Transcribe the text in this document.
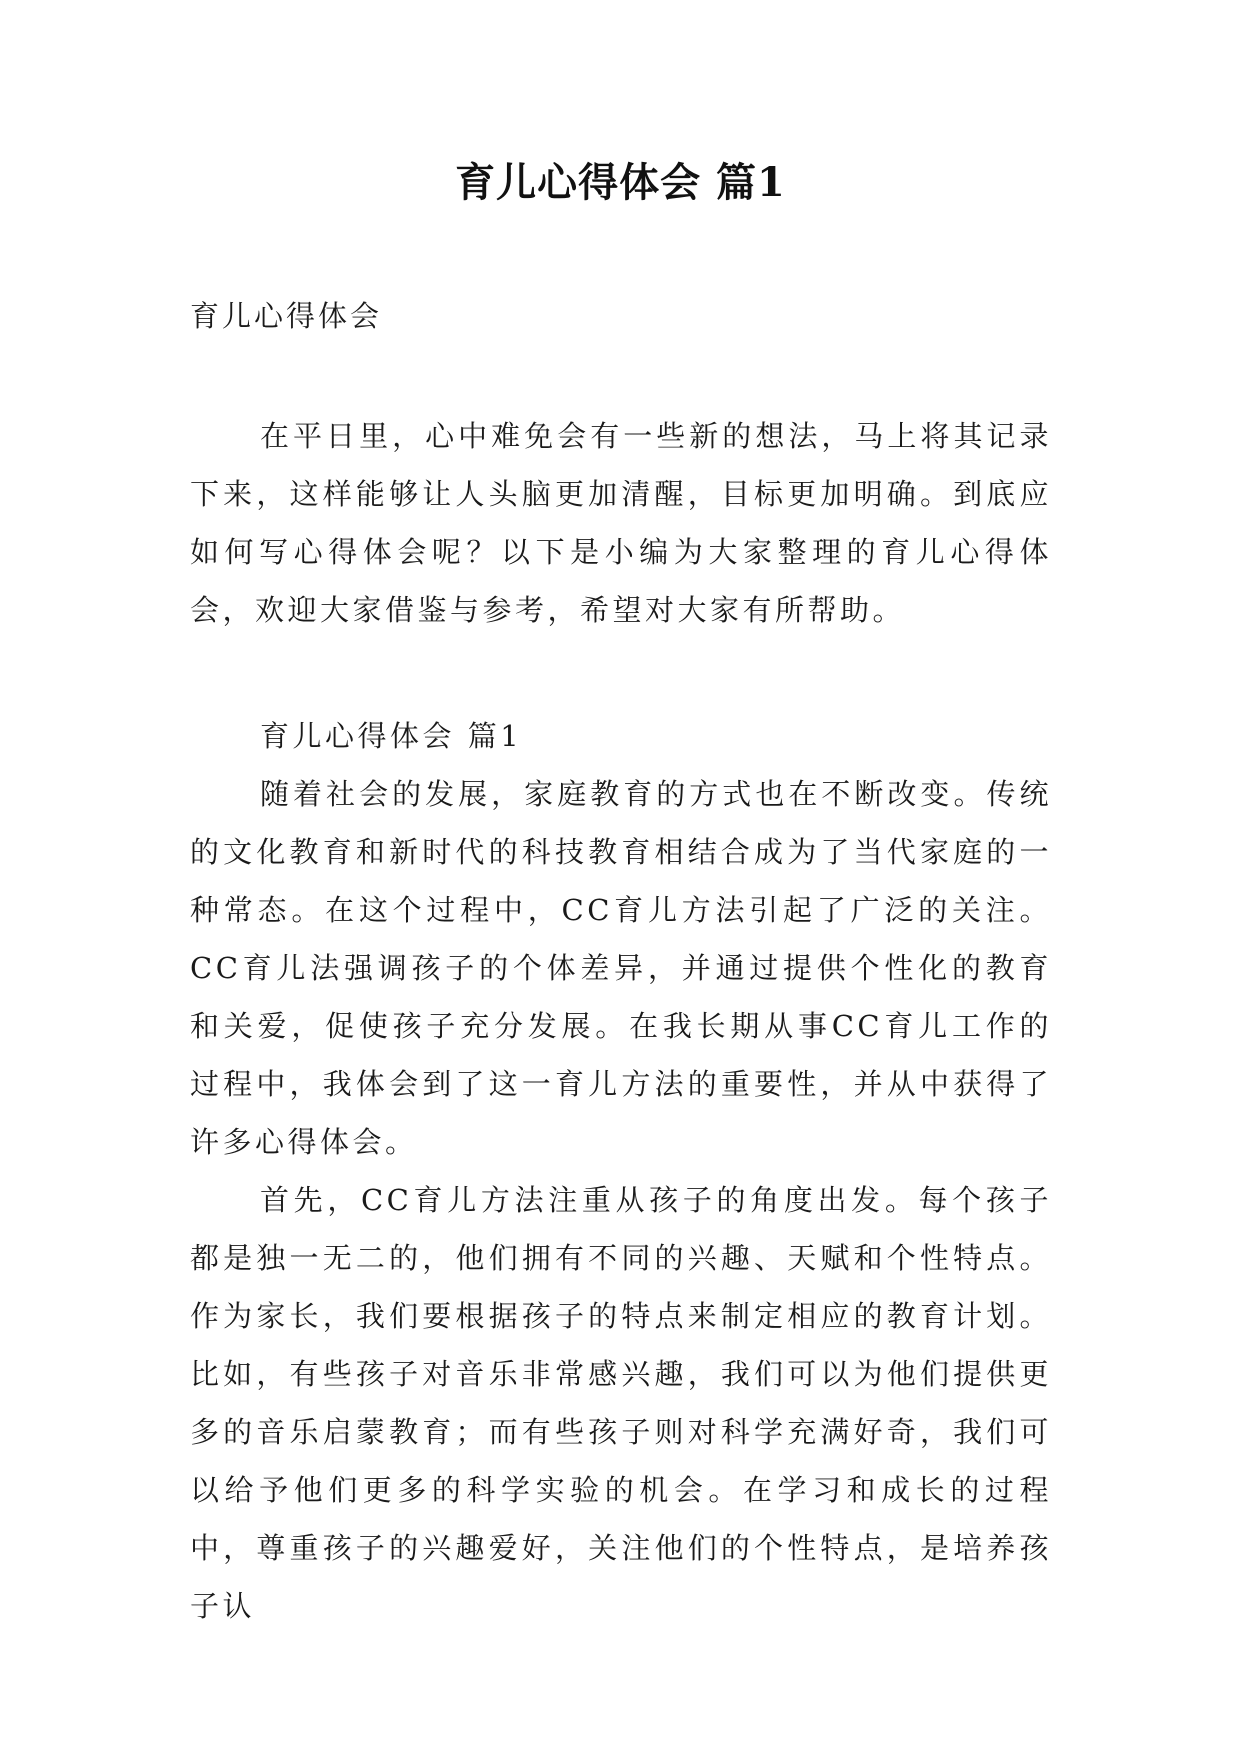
育儿心得体会 篇1
育儿心得体会

在平日里，心中难免会有一些新的想法，马上将其记录下来，这样能够让人头脑更加清醒，目标更加明确。到底应如何写心得体会呢？以下是小编为大家整理的育儿心得体会，欢迎大家借鉴与参考，希望对大家有所帮助。

育儿心得体会 篇1

随着社会的发展，家庭教育的方式也在不断改变。传统的文化教育和新时代的科技教育相结合成为了当代家庭的一种常态。在这个过程中，CC育儿方法引起了广泛的关注。CC育儿法强调孩子的个体差异，并通过提供个性化的教育和关爱，促使孩子充分发展。在我长期从事CC育儿工作的过程中，我体会到了这一育儿方法的重要性，并从中获得了许多心得体会。

首先，CC育儿方法注重从孩子的角度出发。每个孩子都是独一无二的，他们拥有不同的兴趣、天赋和个性特点。作为家长，我们要根据孩子的特点来制定相应的教育计划。比如，有些孩子对音乐非常感兴趣，我们可以为他们提供更多的音乐启蒙教育；而有些孩子则对科学充满好奇，我们可以给予他们更多的科学实验的机会。在学习和成长的过程中，尊重孩子的兴趣爱好，关注他们的个性特点，是培养孩子认
